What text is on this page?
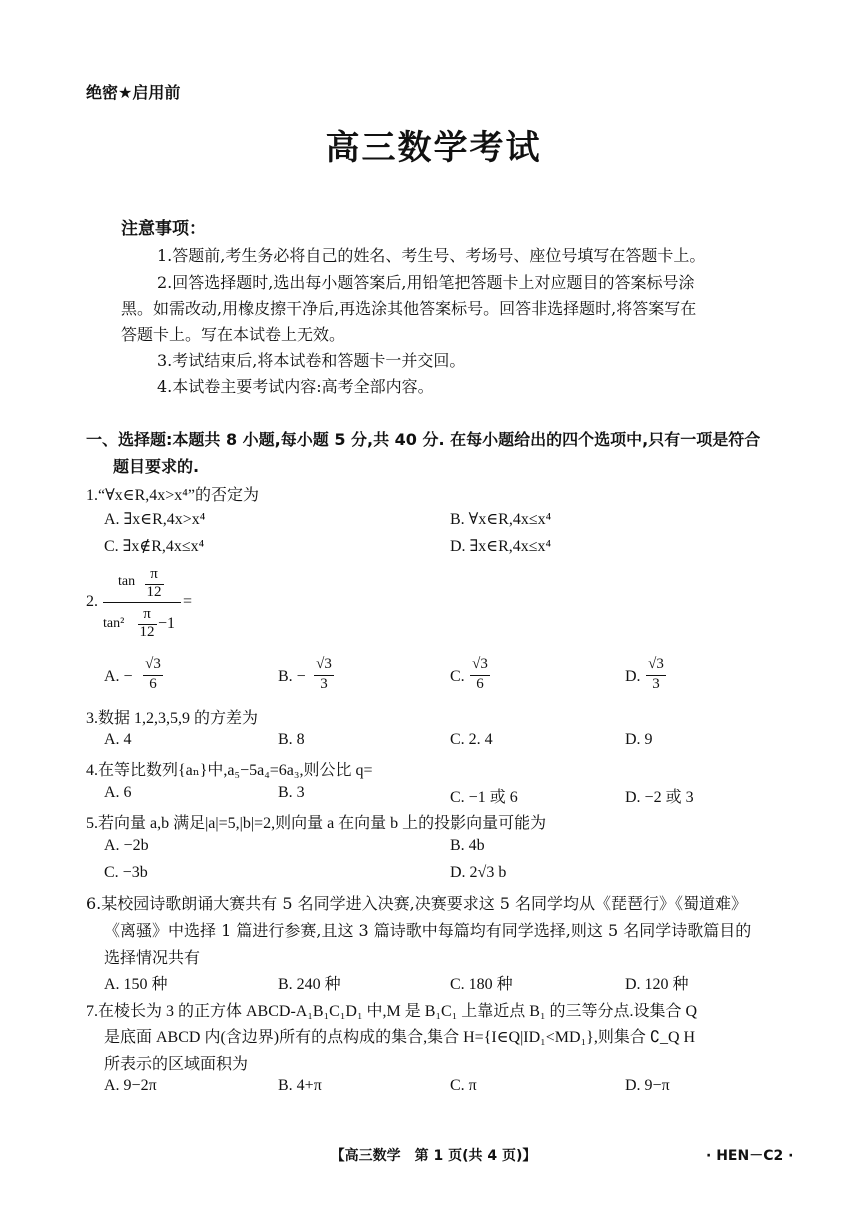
绝密★启用前
高三数学考试
注意事项：
1.答题前,考生务必将自己的姓名、考生号、考场号、座位号填写在答题卡上。
2.回答选择题时,选出每小题答案后,用铅笔把答题卡上对应题目的答案标号涂
黑。如需改动,用橡皮擦干净后,再选涂其他答案标号。回答非选择题时,将答案写在
答题卡上。写在本试卷上无效。
3.考试结束后,将本试卷和答题卡一并交回。
4.本试卷主要考试内容:高考全部内容。
一、选择题:本题共 8 小题,每小题 5 分,共 40 分. 在每小题给出的四个选项中,只有一项是符合
题目要求的.
1.“∀x∈R,4x>x⁴”的否定为
A. ∃x∈R,4x>x⁴	B. ∀x∈R,4x≤x⁴
C. ∃x∉R,4x≤x⁴	D. ∃x∈R,4x≤x⁴
2.
tan	π
12
tan²
π
12 −1
=
A. −
√3
6	B. −
√3
3	C.
√3
6	D.
√3
3
3.数据 1,2,3,5,9 的方差为
A. 4	B. 8	C. 2. 4	D. 9
4.在等比数列{aₙ}中,a₅−5a₄=6a₃,则公比 q=
A. 6	B. 3	C. −1 或 6	D. −2 或 3
5.若向量 a,b 满足|a|=5,|b|=2,则向量 a 在向量 b 上的投影向量可能为
A. −2b	B. 4b
C. −3b	D. 2√3 b
6.某校园诗歌朗诵大赛共有 5 名同学进入决赛,决赛要求这 5 名同学均从《琵琶行》《蜀道难》
《离骚》中选择 1 篇进行参赛,且这 3 篇诗歌中每篇均有同学选择,则这 5 名同学诗歌篇目的
选择情况共有
A. 150 种	B. 240 种	C. 180 种	D. 120 种
7.在棱长为 3 的正方体 ABCD-A₁B₁C₁D₁ 中,M 是 B₁C₁ 上靠近点 B₁ 的三等分点.设集合 Q
是底面 ABCD 内(含边界)所有的点构成的集合,集合 H={I∈Q|ID₁<MD₁},则集合 ∁_Q H
所表示的区域面积为
A. 9−2π	B. 4+π	C. π	D. 9−π
【高三数学　第 1 页(共 4 页)】	· HEN－C2 ·
